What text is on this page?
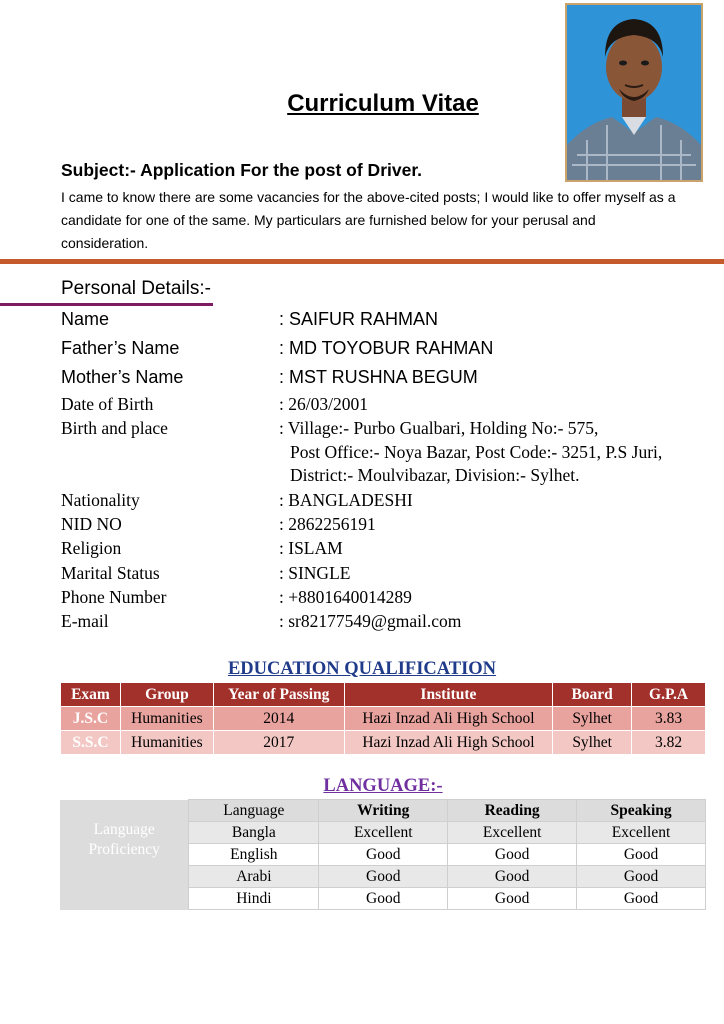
Curriculum Vitae
Subject:- Application For the post of Driver.
I came to know there are some vacancies for the above-cited posts; I would like to offer myself as a candidate for one of the same. My particulars are furnished below for your perusal and consideration.
Personal Details:-
Name	: SAIFUR RAHMAN
Father’s Name	: MD TOYOBUR RAHMAN
Mother’s Name	: MST RUSHNA BEGUM
Date of Birth	: 26/03/2001
Birth and place	: Village:- Purbo Gualbari, Holding No:- 575,
Post Office:- Noya Bazar, Post Code:- 3251, P.S Juri,
District:- Moulvibazar, Division:- Sylhet.
Nationality	: BANGLADESHI
NID NO	: 2862256191
Religion	: ISLAM
Marital Status	: SINGLE
Phone Number	: +8801640014289
E-mail	: sr82177549@gmail.com
EDUCATION QUALIFICATION
Exam	Group	Year of Passing	Institute	Board	G.P.A
J.S.C	Humanities	2014	Hazi Inzad Ali High School	Sylhet	3.83
S.S.C	Humanities	2017	Hazi Inzad Ali High School	Sylhet	3.82
LANGUAGE:-
Language Proficiency	Language	Writing	Reading	Speaking
	Bangla	Excellent	Excellent	Excellent
	English	Good	Good	Good
	Arabi	Good	Good	Good
	Hindi	Good	Good	Good
